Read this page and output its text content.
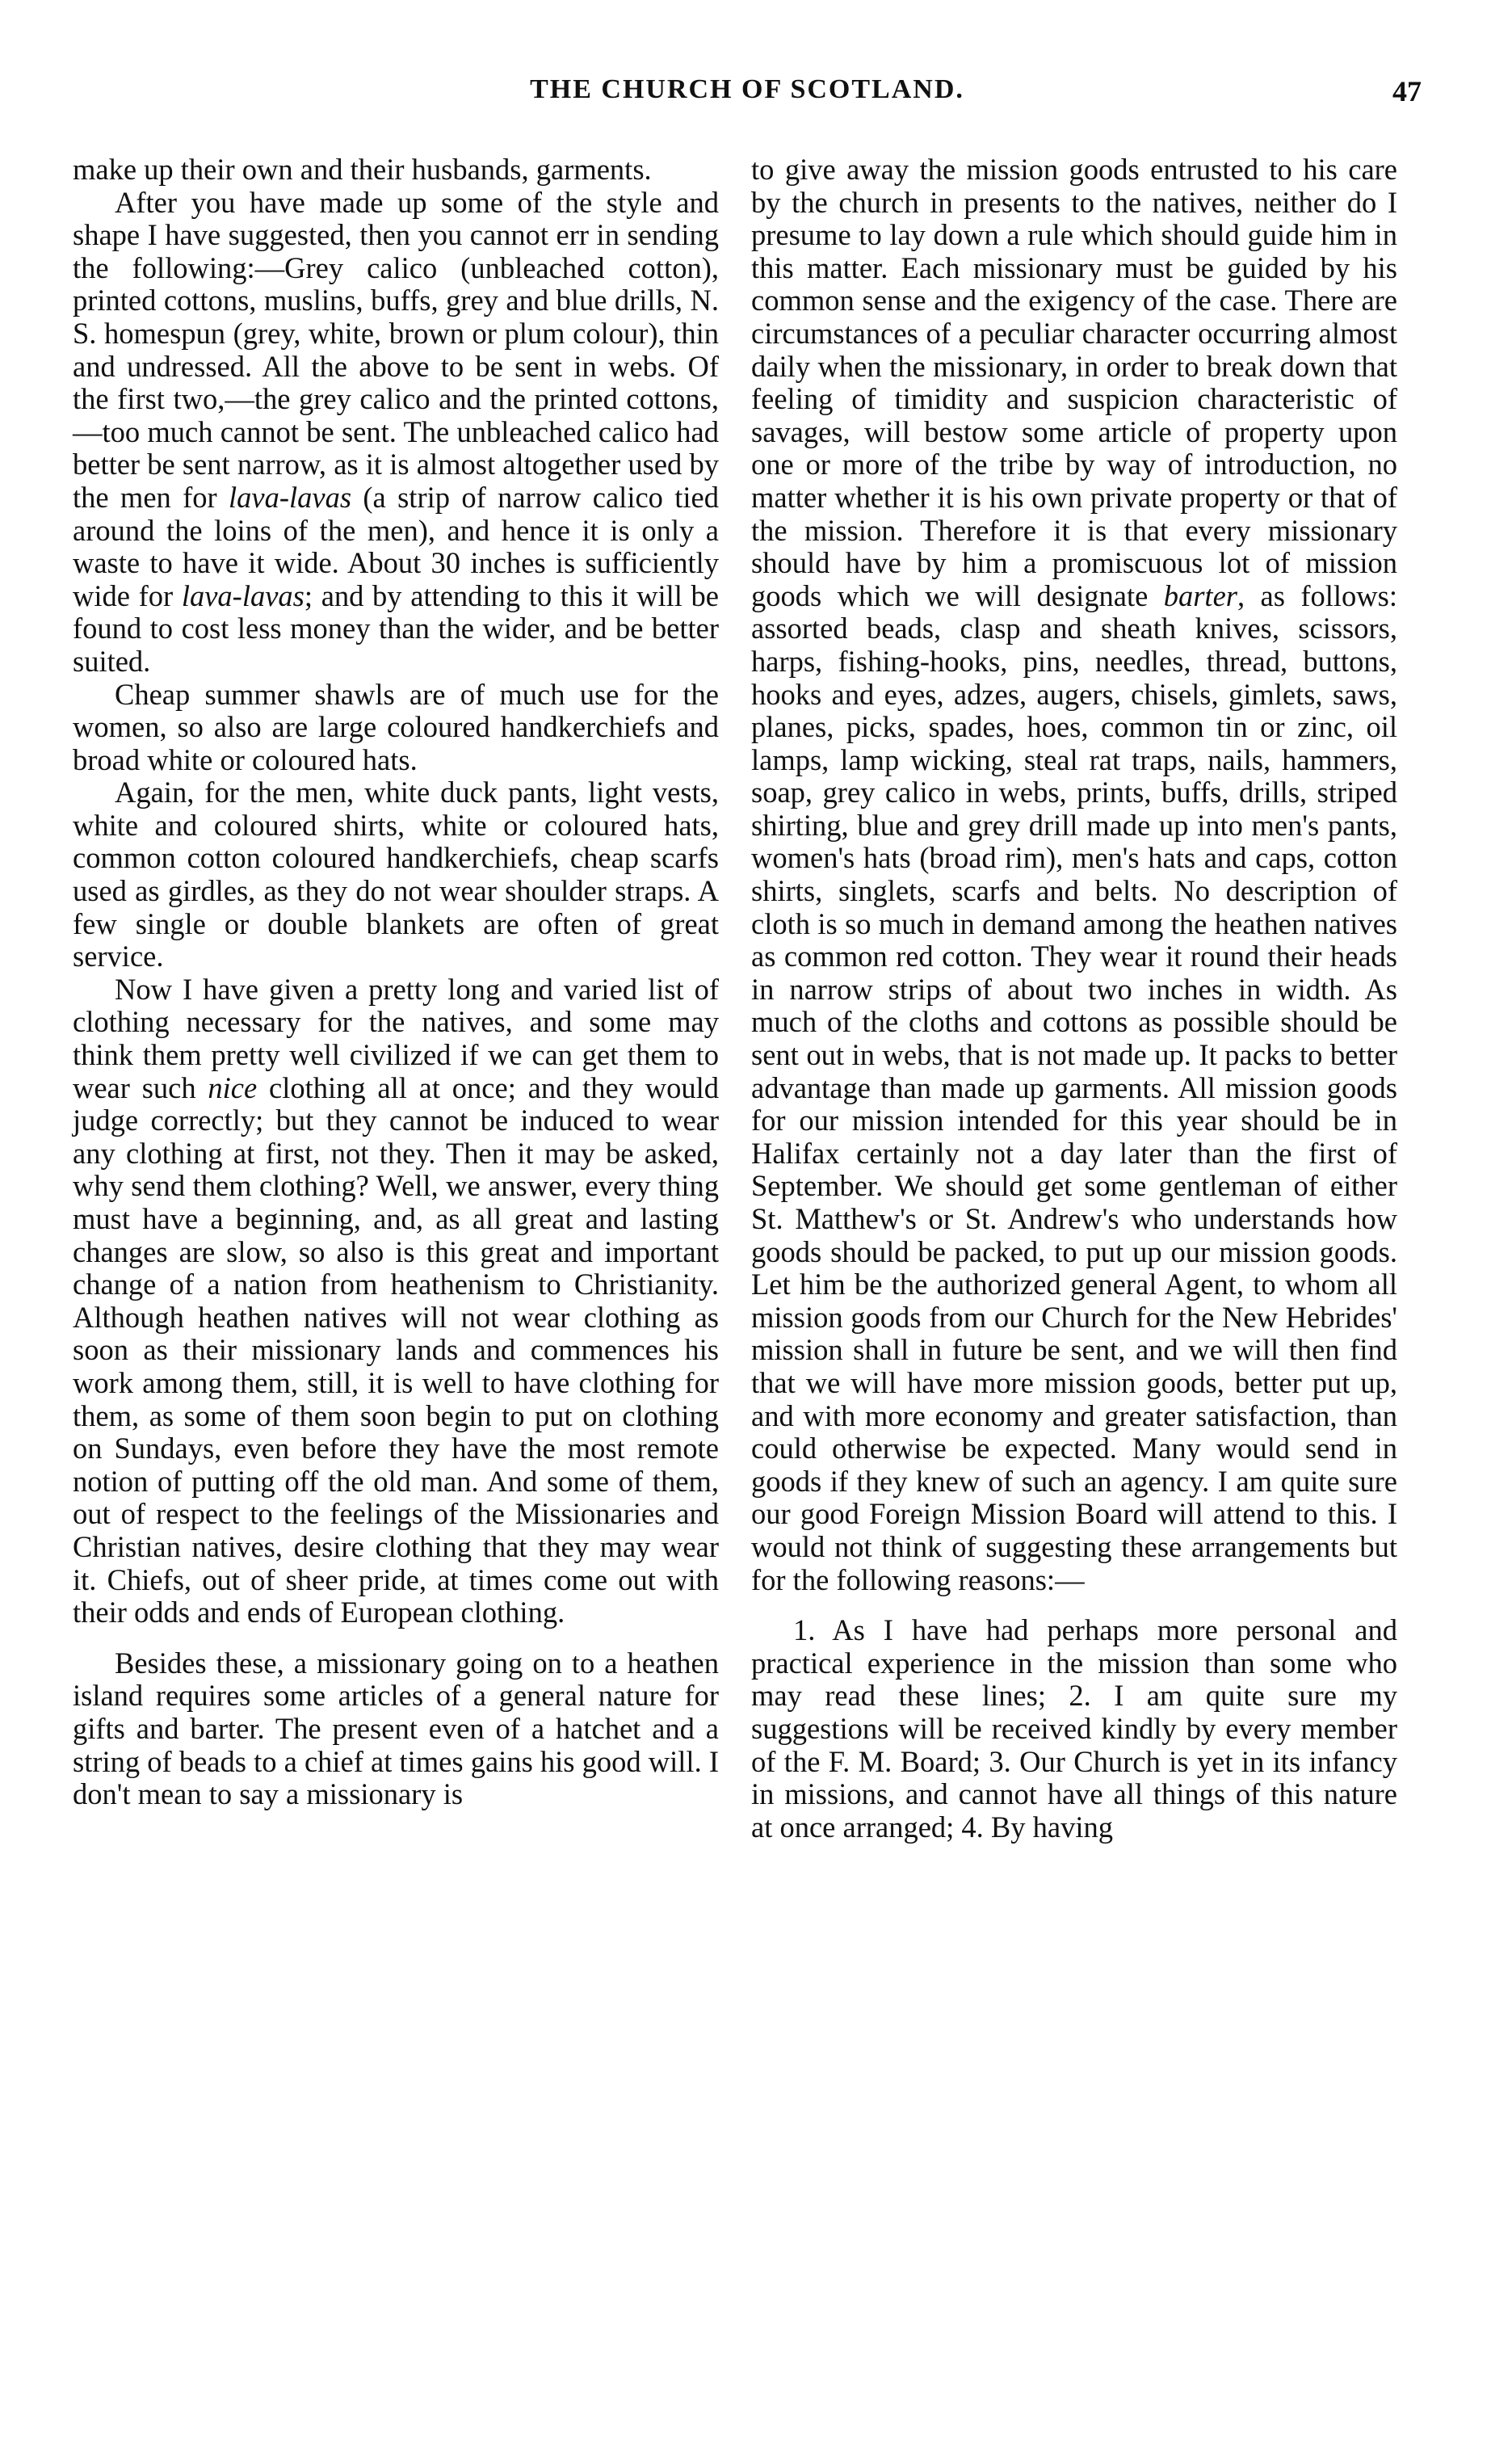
THE CHURCH OF SCOTLAND.	47

make up their own and their husbands, garments.

After you have made up some of the style and shape I have suggested, then you cannot err in sending the following:—Grey calico (unbleached cotton), printed cottons, muslins, buffs, grey and blue drills, N. S. homespun (grey, white, brown or plum colour), thin and undressed. All the above to be sent in webs. Of the first two,—the grey calico and the printed cottons,—too much cannot be sent. The unbleached calico had better be sent narrow, as it is almost altogether used by the men for lava-lavas (a strip of narrow calico tied around the loins of the men), and hence it is only a waste to have it wide. About 30 inches is sufficiently wide for lava-lavas; and by attending to this it will be found to cost less money than the wider, and be better suited.

Cheap summer shawls are of much use for the women, so also are large coloured handkerchiefs and broad white or coloured hats.

Again, for the men, white duck pants, light vests, white and coloured shirts, white or coloured hats, common cotton coloured handkerchiefs, cheap scarfs used as girdles, as they do not wear shoulder straps. A few single or double blankets are often of great service.

Now I have given a pretty long and varied list of clothing necessary for the natives, and some may think them pretty well civilized if we can get them to wear such nice clothing all at once; and they would judge correctly; but they cannot be induced to wear any clothing at first, not they. Then it may be asked, why send them clothing? Well, we answer, every thing must have a beginning, and, as all great and lasting changes are slow, so also is this great and important change of a nation from heathenism to Christianity. Although heathen natives will not wear clothing as soon as their missionary lands and commences his work among them, still, it is well to have clothing for them, as some of them soon begin to put on clothing on Sundays, even before they have the most remote notion of putting off the old man. And some of them, out of respect to the feelings of the Missionaries and Christian natives, desire clothing that they may wear it. Chiefs, out of sheer pride, at times come out with their odds and ends of European clothing.

Besides these, a missionary going on to a heathen island requires some articles of a general nature for gifts and barter. The present even of a hatchet and a string of beads to a chief at times gains his good will. I don't mean to say a missionary is

to give away the mission goods entrusted to his care by the church in presents to the natives, neither do I presume to lay down a rule which should guide him in this matter. Each missionary must be guided by his common sense and the exigency of the case. There are circumstances of a peculiar character occurring almost daily when the missionary, in order to break down that feeling of timidity and suspicion characteristic of savages, will bestow some article of property upon one or more of the tribe by way of introduction, no matter whether it is his own private property or that of the mission. Therefore it is that every missionary should have by him a promiscuous lot of mission goods which we will designate barter, as follows: assorted beads, clasp and sheath knives, scissors, harps, fishing-hooks, pins, needles, thread, buttons, hooks and eyes, adzes, augers, chisels, gimlets, saws, planes, picks, spades, hoes, common tin or zinc, oil lamps, lamp wicking, steal rat traps, nails, hammers, soap, grey calico in webs, prints, buffs, drills, striped shirting, blue and grey drill made up into men's pants, women's hats (broad rim), men's hats and caps, cotton shirts, singlets, scarfs and belts. No description of cloth is so much in demand among the heathen natives as common red cotton. They wear it round their heads in narrow strips of about two inches in width. As much of the cloths and cottons as possible should be sent out in webs, that is not made up. It packs to better advantage than made up garments. All mission goods for our mission intended for this year should be in Halifax certainly not a day later than the first of September. We should get some gentleman of either St. Matthew's or St. Andrew's who understands how goods should be packed, to put up our mission goods. Let him be the authorized general Agent, to whom all mission goods from our Church for the New Hebrides' mission shall in future be sent, and we will then find that we will have more mission goods, better put up, and with more economy and greater satisfaction, than could otherwise be expected. Many would send in goods if they knew of such an agency. I am quite sure our good Foreign Mission Board will attend to this. I would not think of suggesting these arrangements but for the following reasons:—

1. As I have had perhaps more personal and practical experience in the mission than some who may read these lines; 2. I am quite sure my suggestions will be received kindly by every member of the F. M. Board; 3. Our Church is yet in its infancy in missions, and cannot have all things of this nature at once arranged; 4. By having
